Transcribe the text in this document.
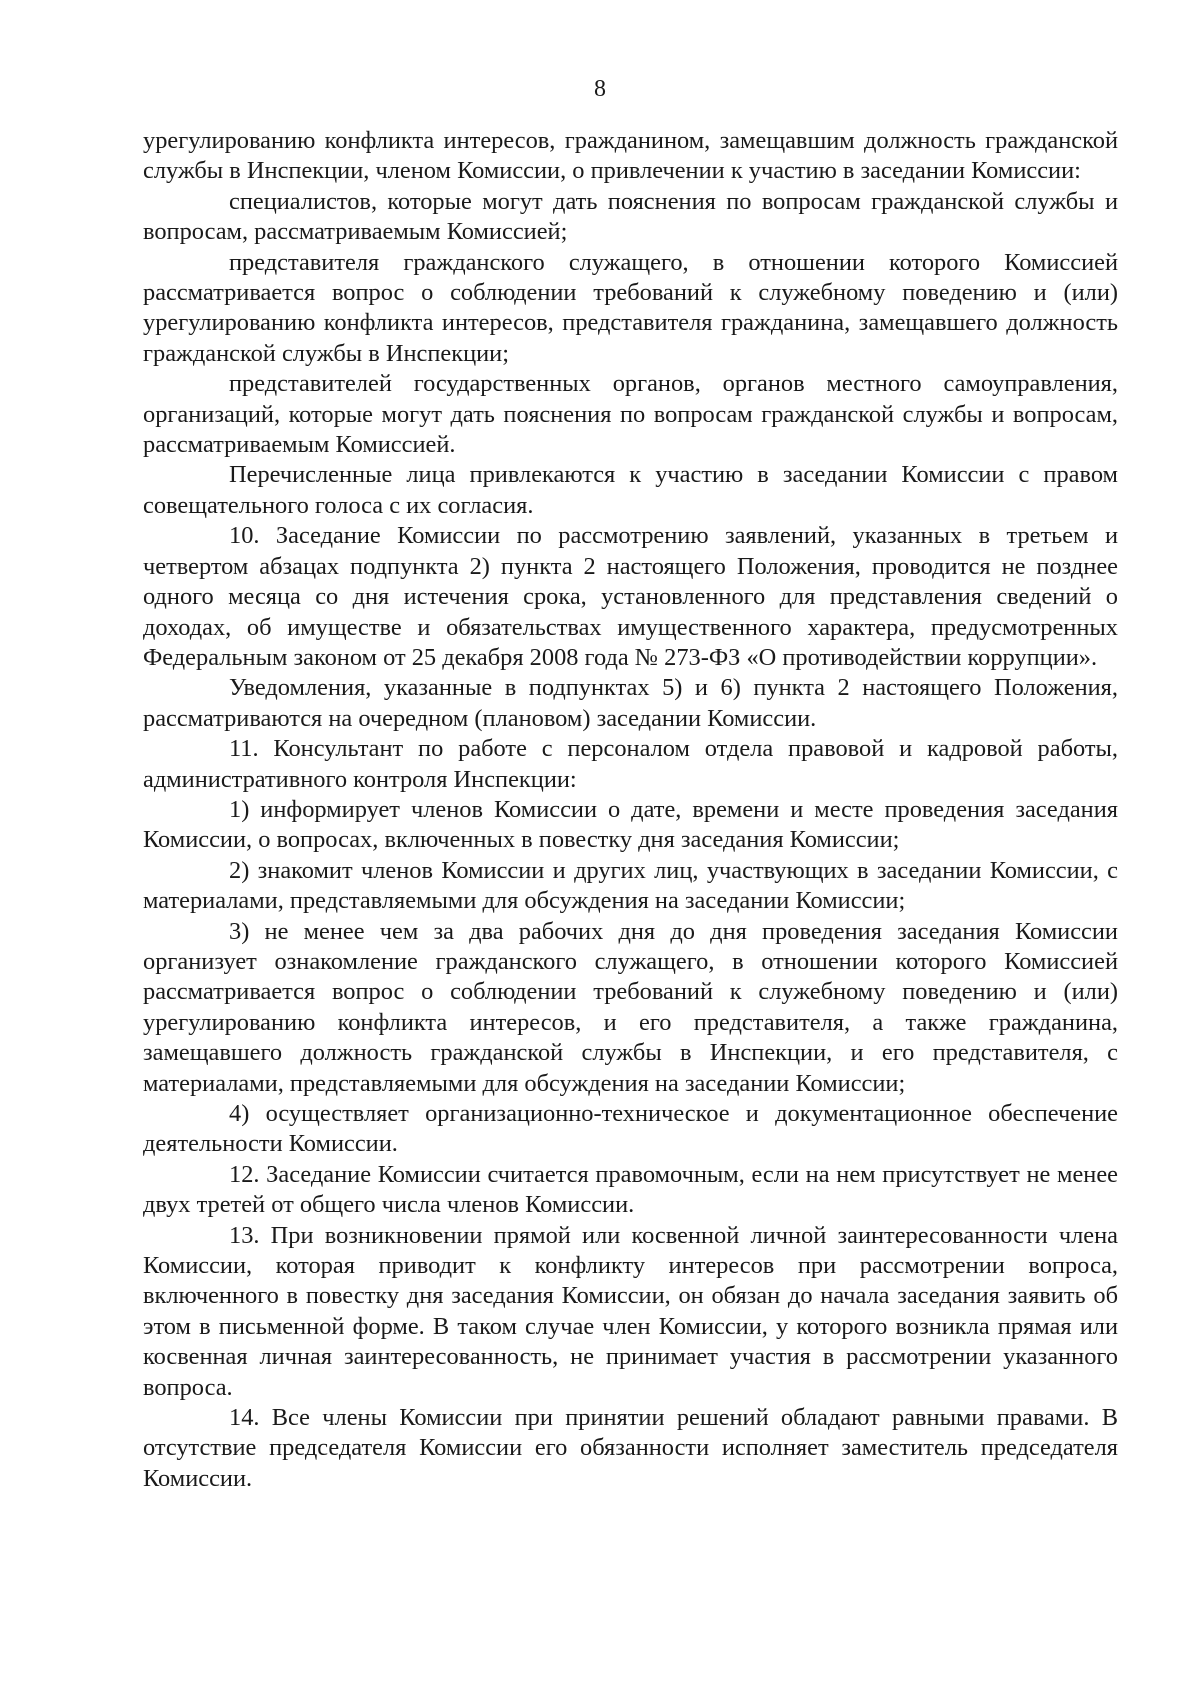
8

урегулированию конфликта интересов, гражданином, замещавшим должность гражданской службы в Инспекции, членом Комиссии, о привлечении к участию в заседании Комиссии:

специалистов, которые могут дать пояснения по вопросам гражданской службы и вопросам, рассматриваемым Комиссией;

представителя гражданского служащего, в отношении которого Комиссией рассматривается вопрос о соблюдении требований к служебному поведению и (или) урегулированию конфликта интересов, представителя гражданина, замещавшего должность гражданской службы в Инспекции;

представителей государственных органов, органов местного самоуправления, организаций, которые могут дать пояснения по вопросам гражданской службы и вопросам, рассматриваемым Комиссией.

Перечисленные лица привлекаются к участию в заседании Комиссии с правом совещательного голоса с их согласия.

10. Заседание Комиссии по рассмотрению заявлений, указанных в третьем и четвертом абзацах подпункта 2) пункта 2 настоящего Положения, проводится не позднее одного месяца со дня истечения срока, установленного для представления сведений о доходах, об имуществе и обязательствах имущественного характера, предусмотренных Федеральным законом от 25 декабря 2008 года № 273-ФЗ «О противодействии коррупции».

Уведомления, указанные в подпунктах 5) и 6) пункта 2 настоящего Положения, рассматриваются на очередном (плановом) заседании Комиссии.

11. Консультант по работе с персоналом отдела правовой и кадровой работы, административного контроля Инспекции:

1) информирует членов Комиссии о дате, времени и месте проведения заседания Комиссии, о вопросах, включенных в повестку дня заседания Комиссии;

2) знакомит членов Комиссии и других лиц, участвующих в заседании Комиссии, с материалами, представляемыми для обсуждения на заседании Комиссии;

3) не менее чем за два рабочих дня до дня проведения заседания Комиссии организует ознакомление гражданского служащего, в отношении которого Комиссией рассматривается вопрос о соблюдении требований к служебному поведению и (или) урегулированию конфликта интересов, и его представителя, а также гражданина, замещавшего должность гражданской службы в Инспекции, и его представителя, с материалами, представляемыми для обсуждения на заседании Комиссии;

4) осуществляет организационно-техническое и документационное обеспечение деятельности Комиссии.

12. Заседание Комиссии считается правомочным, если на нем присутствует не менее двух третей от общего числа членов Комиссии.

13. При возникновении прямой или косвенной личной заинтересованности члена Комиссии, которая приводит к конфликту интересов при рассмотрении вопроса, включенного в повестку дня заседания Комиссии, он обязан до начала заседания заявить об этом в письменной форме. В таком случае член Комиссии, у которого возникла прямая или косвенная личная заинтересованность, не принимает участия в рассмотрении указанного вопроса.

14. Все члены Комиссии при принятии решений обладают равными правами. В отсутствие председателя Комиссии его обязанности исполняет заместитель председателя Комиссии.
